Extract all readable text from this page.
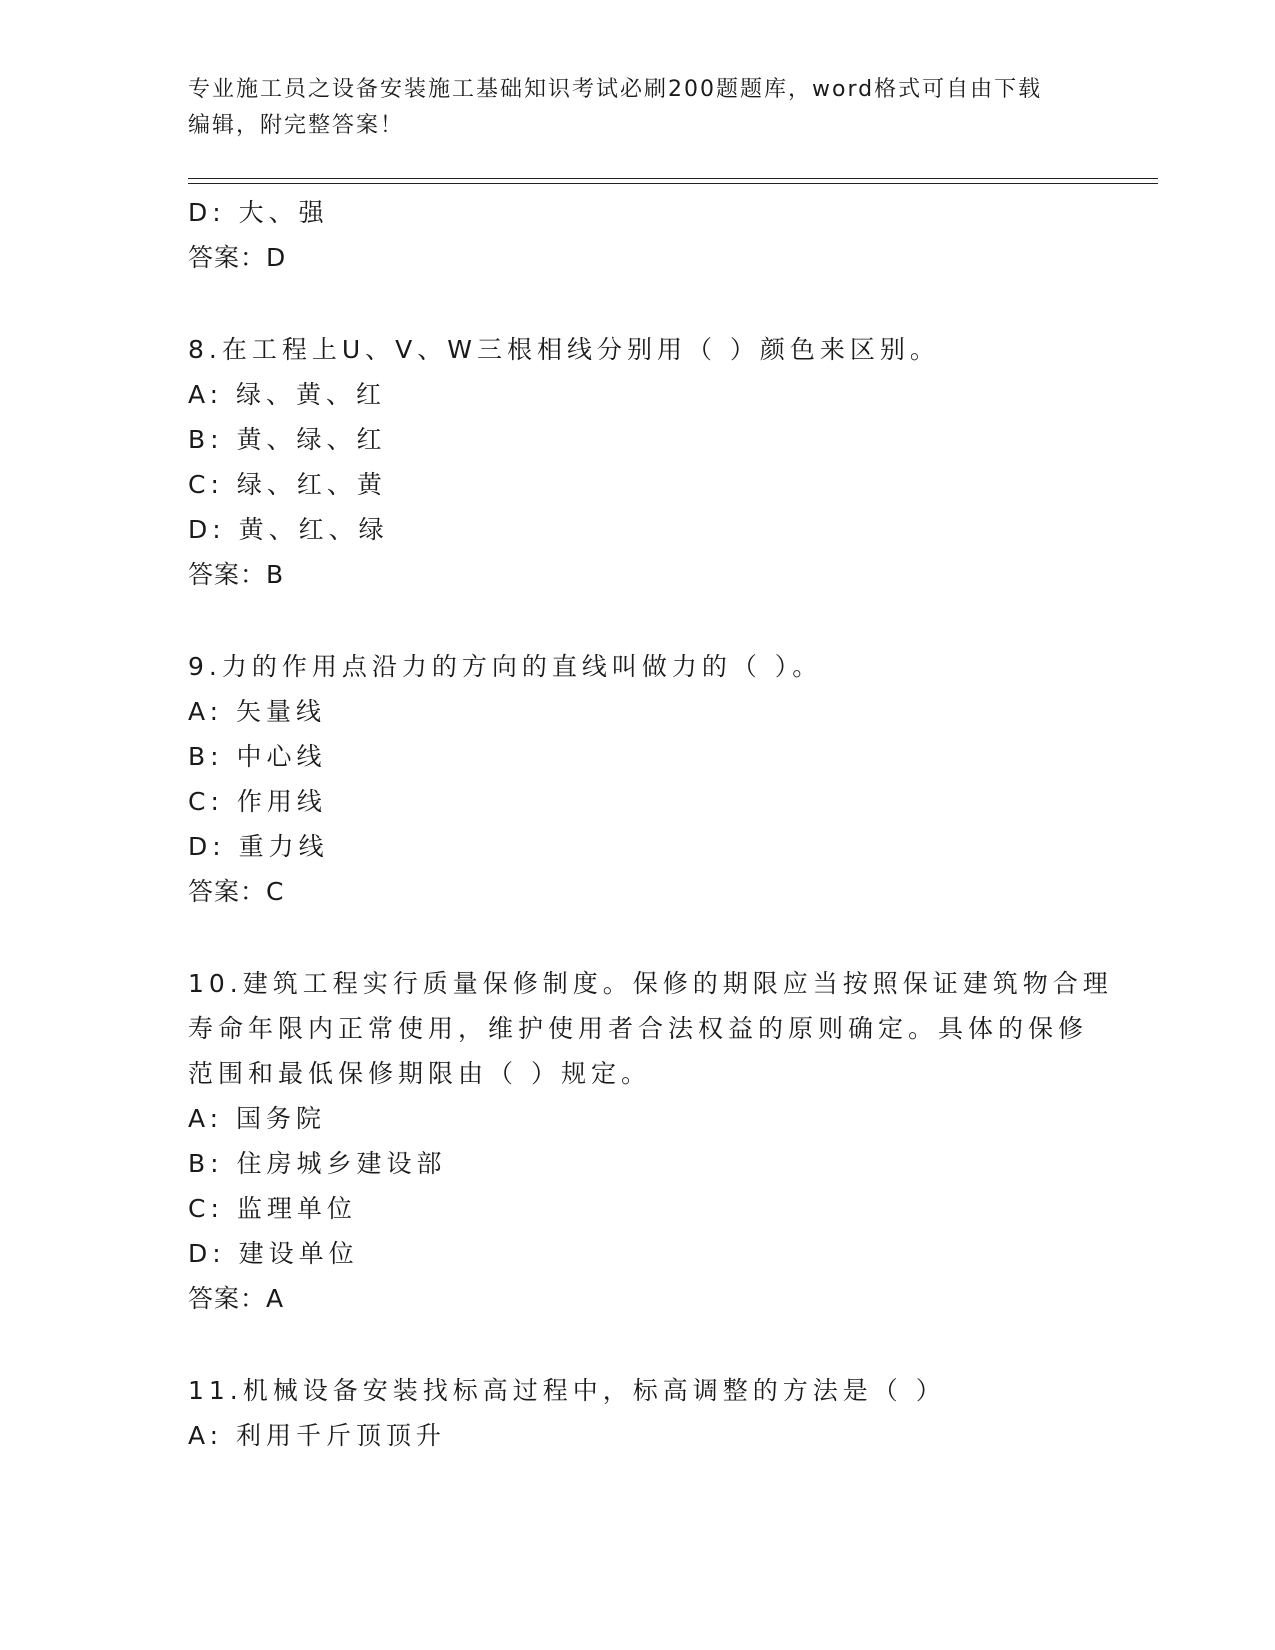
专业施工员之设备安装施工基础知识考试必刷200题题库，word格式可自由下载
编辑，附完整答案！
D: 大、强
答案：D
8.在工程上U、V、W三根相线分别用（ ）颜色来区别。
A: 绿、黄、红
B: 黄、绿、红
C: 绿、红、黄
D: 黄、红、绿
答案：B
9.力的作用点沿力的方向的直线叫做力的（ ）。
A: 矢量线
B: 中心线
C: 作用线
D: 重力线
答案：C
10.建筑工程实行质量保修制度。保修的期限应当按照保证建筑物合理
寿命年限内正常使用，维护使用者合法权益的原则确定。具体的保修
范围和最低保修期限由（ ）规定。
A: 国务院
B: 住房城乡建设部
C: 监理单位
D: 建设单位
答案：A
11.机械设备安装找标高过程中，标高调整的方法是（ ）
A: 利用千斤顶顶升
